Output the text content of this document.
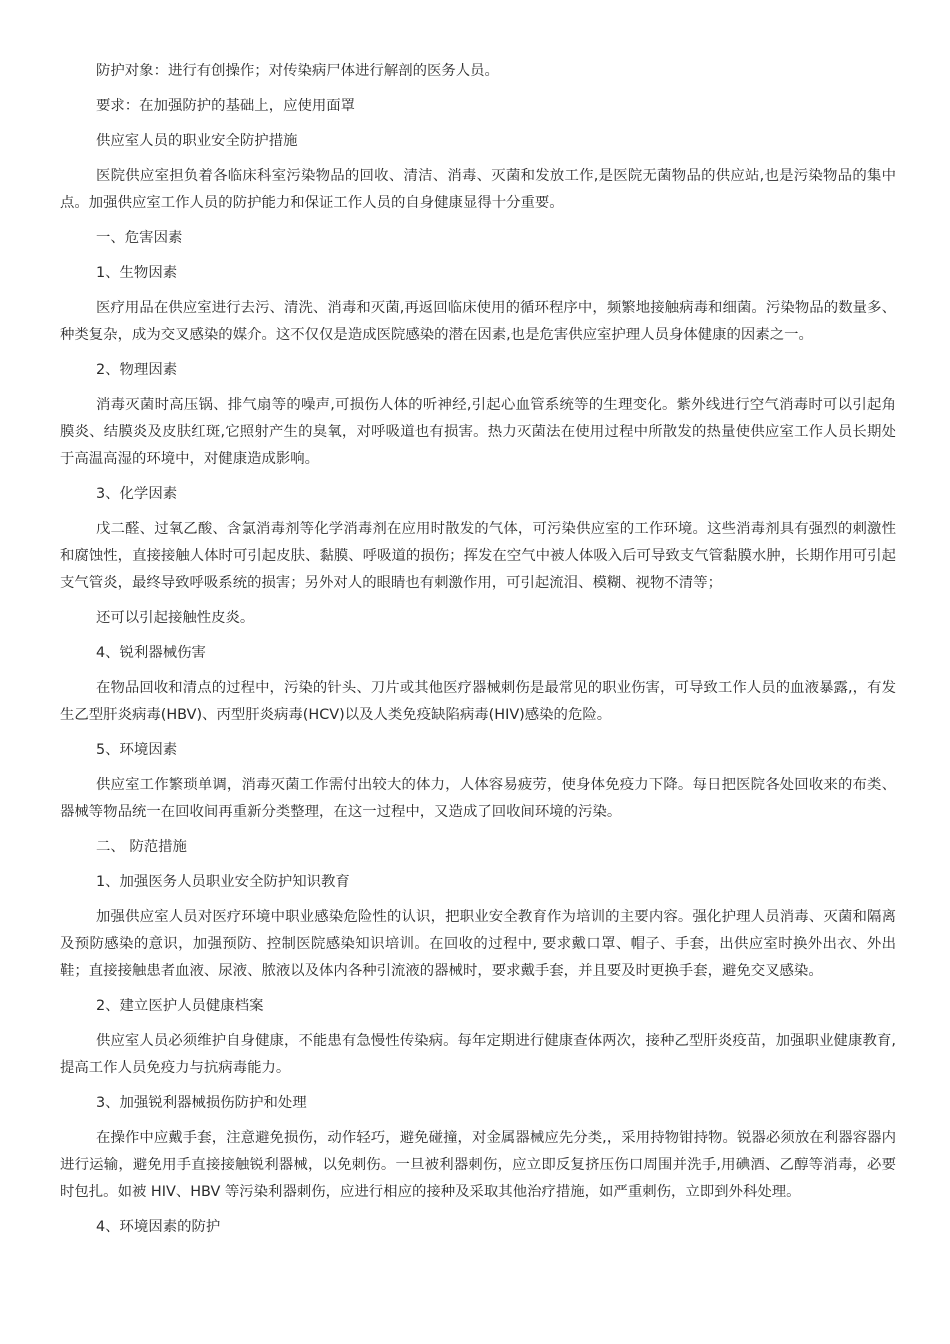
防护对象：进行有创操作；对传染病尸体进行解剖的医务人员。

要求：在加强防护的基础上，应使用面罩

供应室人员的职业安全防护措施

医院供应室担负着各临床科室污染物品的回收、清洁、消毒、灭菌和发放工作,是医院无菌物品的供应站,也是污染物品的集中点。加强供应室工作人员的防护能力和保证工作人员的自身健康显得十分重要。

一、危害因素

1、生物因素

医疗用品在供应室进行去污、清洗、消毒和灭菌,再返回临床使用的循环程序中，频繁地接触病毒和细菌。污染物品的数量多、种类复杂，成为交叉感染的媒介。这不仅仅是造成医院感染的潜在因素,也是危害供应室护理人员身体健康的因素之一。

2、物理因素

消毒灭菌时高压锅、排气扇等的噪声,可损伤人体的听神经,引起心血管系统等的生理变化。紫外线进行空气消毒时可以引起角膜炎、结膜炎及皮肤红斑,它照射产生的臭氧，对呼吸道也有损害。热力灭菌法在使用过程中所散发的热量使供应室工作人员长期处于高温高湿的环境中，对健康造成影响。

3、化学因素

戊二醛、过氧乙酸、含氯消毒剂等化学消毒剂在应用时散发的气体，可污染供应室的工作环境。这些消毒剂具有强烈的刺激性和腐蚀性，直接接触人体时可引起皮肤、黏膜、呼吸道的损伤；挥发在空气中被人体吸入后可导致支气管黏膜水肿，长期作用可引起支气管炎，最终导致呼吸系统的损害；另外对人的眼睛也有刺激作用，可引起流泪、模糊、视物不清等；

还可以引起接触性皮炎。

4、锐利器械伤害

在物品回收和清点的过程中，污染的针头、刀片或其他医疗器械刺伤是最常见的职业伤害，可导致工作人员的血液暴露,，有发生乙型肝炎病毒(HBV)、丙型肝炎病毒(HCV)以及人类免疫缺陷病毒(HIV)感染的危险。

5、环境因素

供应室工作繁琐单调，消毒灭菌工作需付出较大的体力，人体容易疲劳，使身体免疫力下降。每日把医院各处回收来的布类、器械等物品统一在回收间再重新分类整理，在这一过程中，又造成了回收间环境的污染。

二、 防范措施

1、加强医务人员职业安全防护知识教育

加强供应室人员对医疗环境中职业感染危险性的认识，把职业安全教育作为培训的主要内容。强化护理人员消毒、灭菌和隔离及预防感染的意识，加强预防、控制医院感染知识培训。在回收的过程中, 要求戴口罩、帽子、手套，出供应室时换外出衣、外出鞋；直接接触患者血液、尿液、脓液以及体内各种引流液的器械时，要求戴手套，并且要及时更换手套，避免交叉感染。

2、建立医护人员健康档案

供应室人员必须维护自身健康，不能患有急慢性传染病。每年定期进行健康查体两次，接种乙型肝炎疫苗，加强职业健康教育, 提高工作人员免疫力与抗病毒能力。

3、加强锐利器械损伤防护和处理

在操作中应戴手套，注意避免损伤，动作轻巧，避免碰撞，对金属器械应先分类,，采用持物钳持物。锐器必须放在利器容器内进行运输，避免用手直接接触锐利器械，以免刺伤。一旦被利器刺伤，应立即反复挤压伤口周围并洗手,用碘酒、乙醇等消毒，必要时包扎。如被 HIV、HBV 等污染利器刺伤，应进行相应的接种及采取其他治疗措施，如严重刺伤，立即到外科处理。

4、环境因素的防护
